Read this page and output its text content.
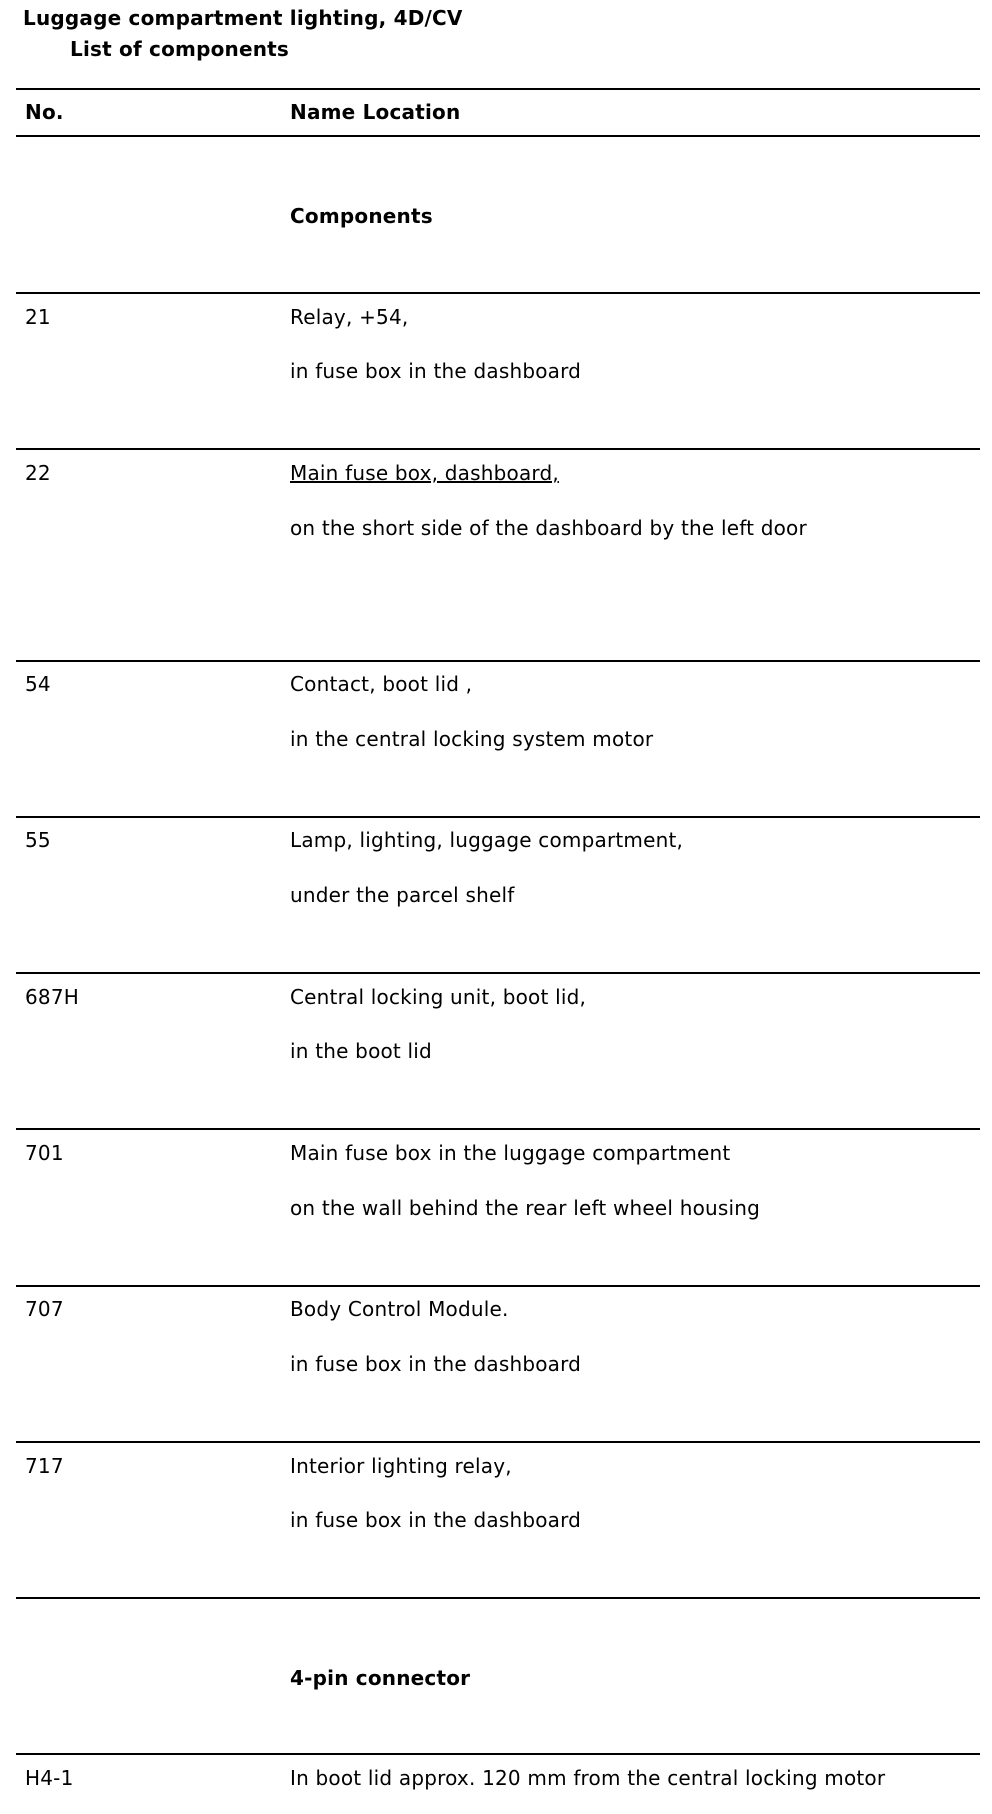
Luggage compartment lighting, 4D/CV
List of components
No.	Name Location
Components
21	Relay, +54,
in fuse box in the dashboard
22	Main fuse box, dashboard,
on the short side of the dashboard by the left door
54	Contact, boot lid ,
in the central locking system motor
55	Lamp, lighting, luggage compartment,
under the parcel shelf
687H	Central locking unit, boot lid,
in the boot lid
701	Main fuse box in the luggage compartment
on the wall behind the rear left wheel housing
707	Body Control Module.
in fuse box in the dashboard
717	Interior lighting relay,
in fuse box in the dashboard
4-pin connector
H4-1	In boot lid approx. 120 mm from the central locking motor
